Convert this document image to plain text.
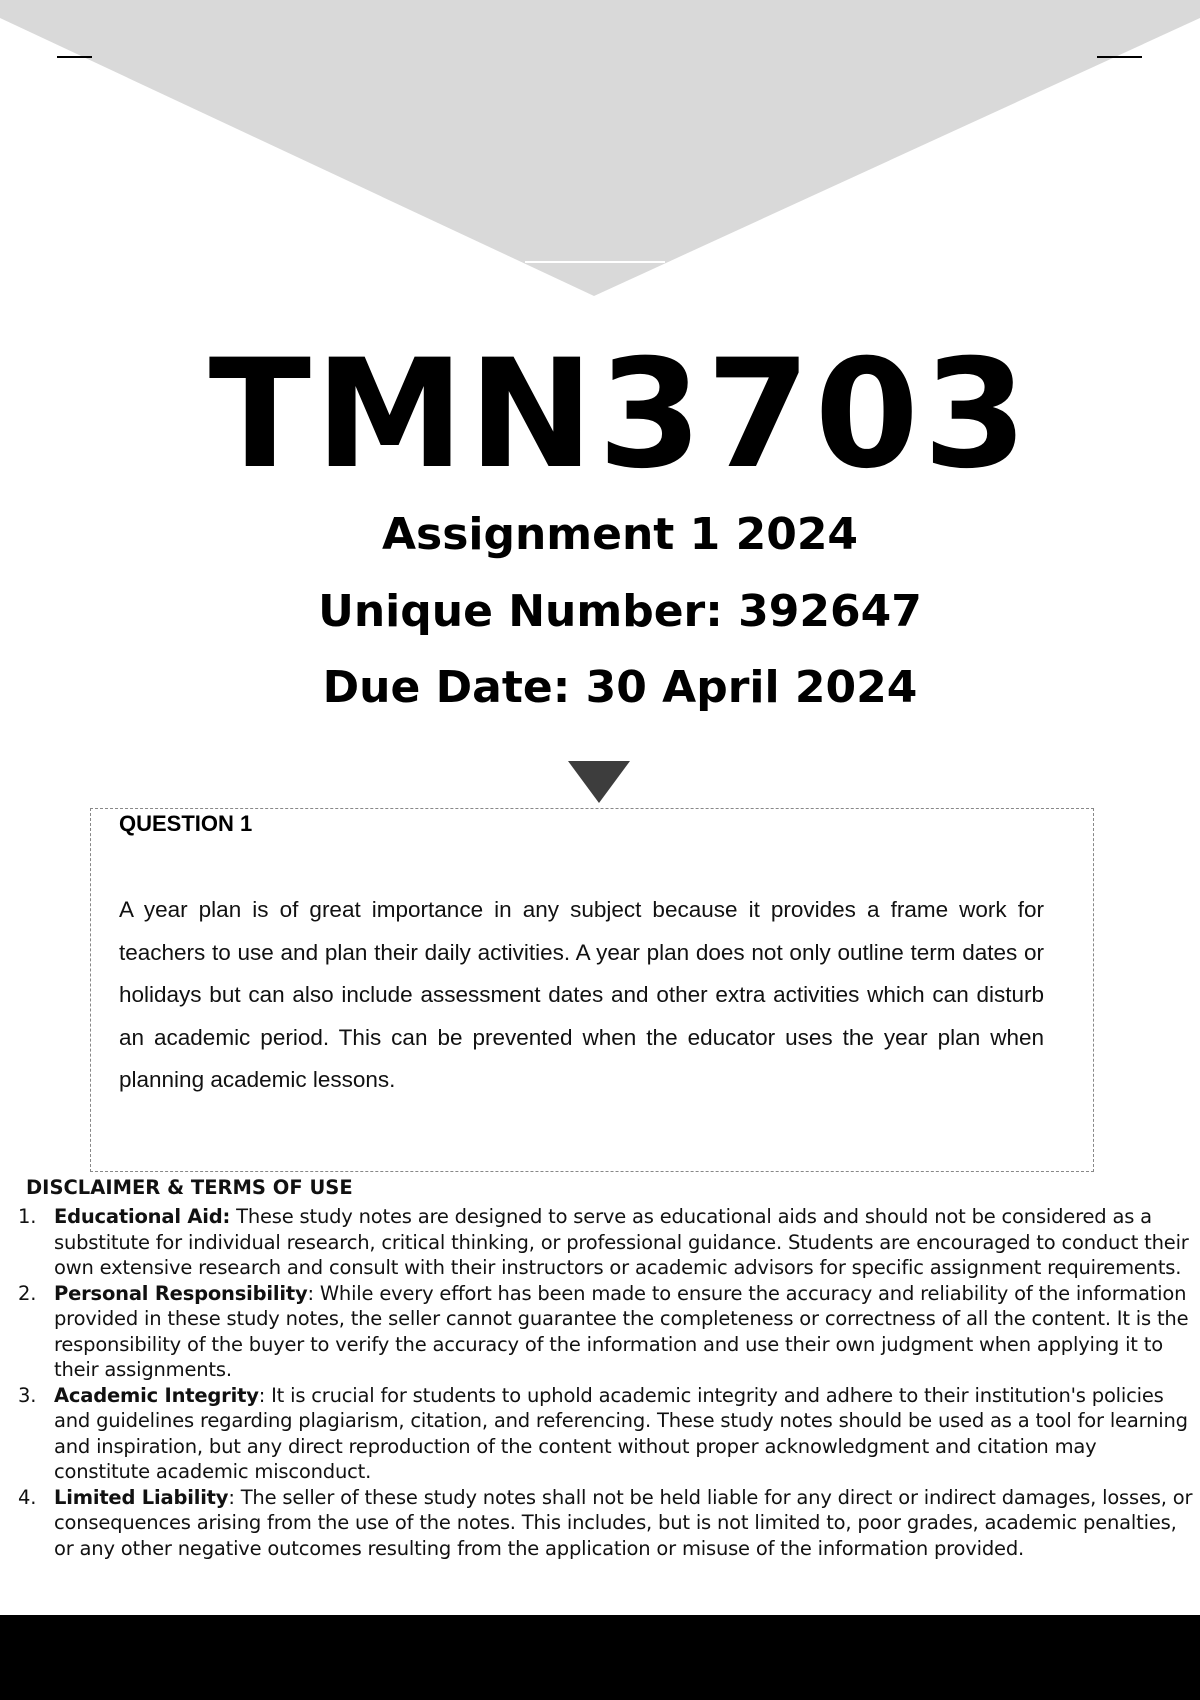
TMN3703
Assignment 1 2024
Unique Number: 392647
Due Date: 30 April 2024
QUESTION 1

A year plan is of great importance in any subject because it provides a frame work for teachers to use and plan their daily activities. A year plan does not only outline term dates or holidays but can also include assessment dates and other extra activities which can disturb an academic period. This can be prevented when the educator uses the year plan when planning academic lessons.

DISCLAIMER & TERMS OF USE
1. Educational Aid: These study notes are designed to serve as educational aids and should not be considered as a substitute for individual research, critical thinking, or professional guidance. Students are encouraged to conduct their own extensive research and consult with their instructors or academic advisors for specific assignment requirements.
2. Personal Responsibility: While every effort has been made to ensure the accuracy and reliability of the information provided in these study notes, the seller cannot guarantee the completeness or correctness of all the content. It is the responsibility of the buyer to verify the accuracy of the information and use their own judgment when applying it to their assignments.
3. Academic Integrity: It is crucial for students to uphold academic integrity and adhere to their institution's policies and guidelines regarding plagiarism, citation, and referencing. These study notes should be used as a tool for learning and inspiration, but any direct reproduction of the content without proper acknowledgment and citation may constitute academic misconduct.
4. Limited Liability: The seller of these study notes shall not be held liable for any direct or indirect damages, losses, or consequences arising from the use of the notes. This includes, but is not limited to, poor grades, academic penalties, or any other negative outcomes resulting from the application or misuse of the information provided.
